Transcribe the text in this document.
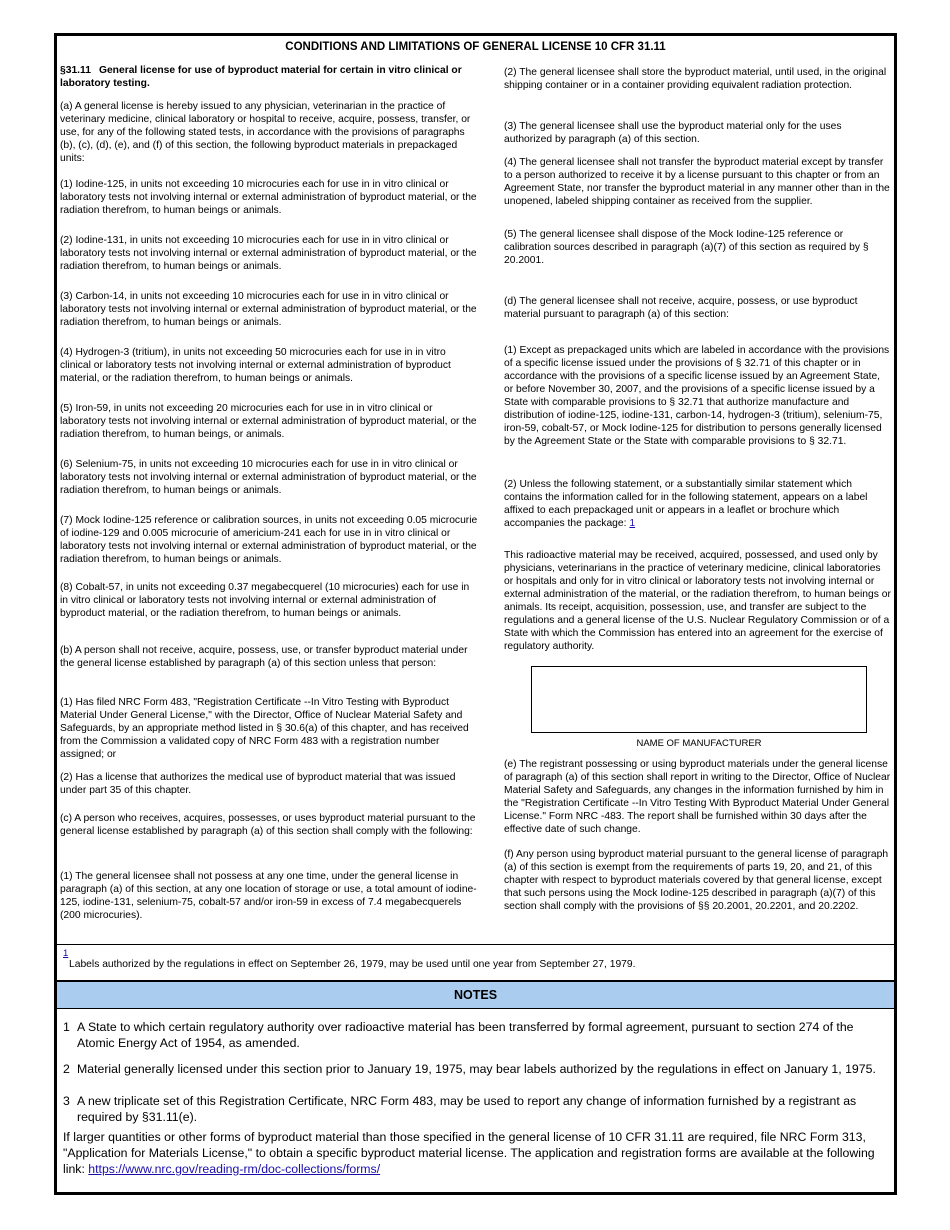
CONDITIONS AND LIMITATIONS OF GENERAL LICENSE 10 CFR 31.11

§31.11 General license for use of byproduct material for certain in vitro clinical or laboratory testing.

(a) A general license is hereby issued to any physician, veterinarian in the practice of veterinary medicine, clinical laboratory or hospital to receive, acquire, possess, transfer, or use, for any of the following stated tests, in accordance with the provisions of paragraphs (b), (c), (d), (e), and (f) of this section, the following byproduct materials in prepackaged units:

(1) Iodine-125, in units not exceeding 10 microcuries each for use in in vitro clinical or laboratory tests not involving internal or external administration of byproduct material, or the radiation therefrom, to human beings or animals.

(2) Iodine-131, in units not exceeding 10 microcuries each for use in in vitro clinical or laboratory tests not involving internal or external administration of byproduct material, or the radiation therefrom, to human beings or animals.

(3) Carbon-14, in units not exceeding 10 microcuries each for use in in vitro clinical or laboratory tests not involving internal or external administration of byproduct material, or the radiation therefrom, to human beings or animals.

(4) Hydrogen-3 (tritium), in units not exceeding 50 microcuries each for use in in vitro clinical or laboratory tests not involving internal or external administration of byproduct material, or the radiation therefrom, to human beings or animals.

(5) Iron-59, in units not exceeding 20 microcuries each for use in in vitro clinical or laboratory tests not involving internal or external administration of byproduct material, or the radiation therefrom, to human beings, or animals.

(6) Selenium-75, in units not exceeding 10 microcuries each for use in in vitro clinical or laboratory tests not involving internal or external administration of byproduct material, or the radiation therefrom, to human beings or animals.

(7) Mock Iodine-125 reference or calibration sources, in units not exceeding 0.05 microcurie of iodine-129 and 0.005 microcurie of americium-241 each for use in in vitro clinical or laboratory tests not involving internal or external administration of byproduct material, or the radiation therefrom, to human beings or animals.

(8) Cobalt-57, in units not exceeding 0.37 megabecquerel (10 microcuries) each for use in in vitro clinical or laboratory tests not involving internal or external administration of byproduct material, or the radiation therefrom, to human beings or animals.

(b) A person shall not receive, acquire, possess, use, or transfer byproduct material under the general license established by paragraph (a) of this section unless that person:

(1) Has filed NRC Form 483, "Registration Certificate --In Vitro Testing with Byproduct Material Under General License," with the Director, Office of Nuclear Material Safety and Safeguards, by an appropriate method listed in § 30.6(a) of this chapter, and has received from the Commission a validated copy of NRC Form 483 with a registration number assigned; or

(2) Has a license that authorizes the medical use of byproduct material that was issued under part 35 of this chapter.

(c) A person who receives, acquires, possesses, or uses byproduct material pursuant to the general license established by paragraph (a) of this section shall comply with the following:

(1) The general licensee shall not possess at any one time, under the general license in paragraph (a) of this section, at any one location of storage or use, a total amount of iodine-125, iodine-131, selenium-75, cobalt-57 and/or iron-59 in excess of 7.4 megabecquerels (200 microcuries).

(2) The general licensee shall store the byproduct material, until used, in the original shipping container or in a container providing equivalent radiation protection.

(3) The general licensee shall use the byproduct material only for the uses authorized by paragraph (a) of this section.

(4) The general licensee shall not transfer the byproduct material except by transfer to a person authorized to receive it by a license pursuant to this chapter or from an Agreement State, nor transfer the byproduct material in any manner other than in the unopened, labeled shipping container as received from the supplier.

(5) The general licensee shall dispose of the Mock Iodine-125 reference or calibration sources described in paragraph (a)(7) of this section as required by § 20.2001.

(d) The general licensee shall not receive, acquire, possess, or use byproduct material pursuant to paragraph (a) of this section:

(1) Except as prepackaged units which are labeled in accordance with the provisions of a specific license issued under the provisions of § 32.71 of this chapter or in accordance with the provisions of a specific license issued by an Agreement State, or before November 30, 2007, and the provisions of a specific license issued by a State with comparable provisions to § 32.71 that authorize manufacture and distribution of iodine-125, iodine-131, carbon-14, hydrogen-3 (tritium), selenium-75, iron-59, cobalt-57, or Mock Iodine-125 for distribution to persons generally licensed by the Agreement State or the State with comparable provisions to § 32.71.

(2) Unless the following statement, or a substantially similar statement which contains the information called for in the following statement, appears on a label affixed to each prepackaged unit or appears in a leaflet or brochure which accompanies the package: 1

This radioactive material may be received, acquired, possessed, and used only by physicians, veterinarians in the practice of veterinary medicine, clinical laboratories or hospitals and only for in vitro clinical or laboratory tests not involving internal or external administration of the material, or the radiation therefrom, to human beings or animals. Its receipt, acquisition, possession, use, and transfer are subject to the regulations and a general license of the U.S. Nuclear Regulatory Commission or of a State with which the Commission has entered into an agreement for the exercise of regulatory authority.

NAME OF MANUFACTURER

(e) The registrant possessing or using byproduct materials under the general license of paragraph (a) of this section shall report in writing to the Director, Office of Nuclear Material Safety and Safeguards, any changes in the information furnished by him in the "Registration Certificate --In Vitro Testing With Byproduct Material Under General License." Form NRC -483. The report shall be furnished within 30 days after the effective date of such change.

(f) Any person using byproduct material pursuant to the general license of paragraph (a) of this section is exempt from the requirements of parts 19, 20, and 21, of this chapter with respect to byproduct materials covered by that general license, except that such persons using the Mock Iodine-125 described in paragraph (a)(7) of this section shall comply with the provisions of §§ 20.2001, 20.2201, and 20.2202.

1
Labels authorized by the regulations in effect on September 26, 1979, may be used until one year from September 27, 1979.
NOTES
1 A State to which certain regulatory authority over radioactive material has been transferred by formal agreement, pursuant to section 274 of the Atomic Energy Act of 1954, as amended.
2 Material generally licensed under this section prior to January 19, 1975, may bear labels authorized by the regulations in effect on January 1, 1975.
3 A new triplicate set of this Registration Certificate, NRC Form 483, may be used to report any change of information furnished by a registrant as required by §31.11(e).
If larger quantities or other forms of byproduct material than those specified in the general license of 10 CFR 31.11 are required, file NRC Form 313, "Application for Materials License," to obtain a specific byproduct material license. The application and registration forms are available at the following link: https://www.nrc.gov/reading-rm/doc-collections/forms/
